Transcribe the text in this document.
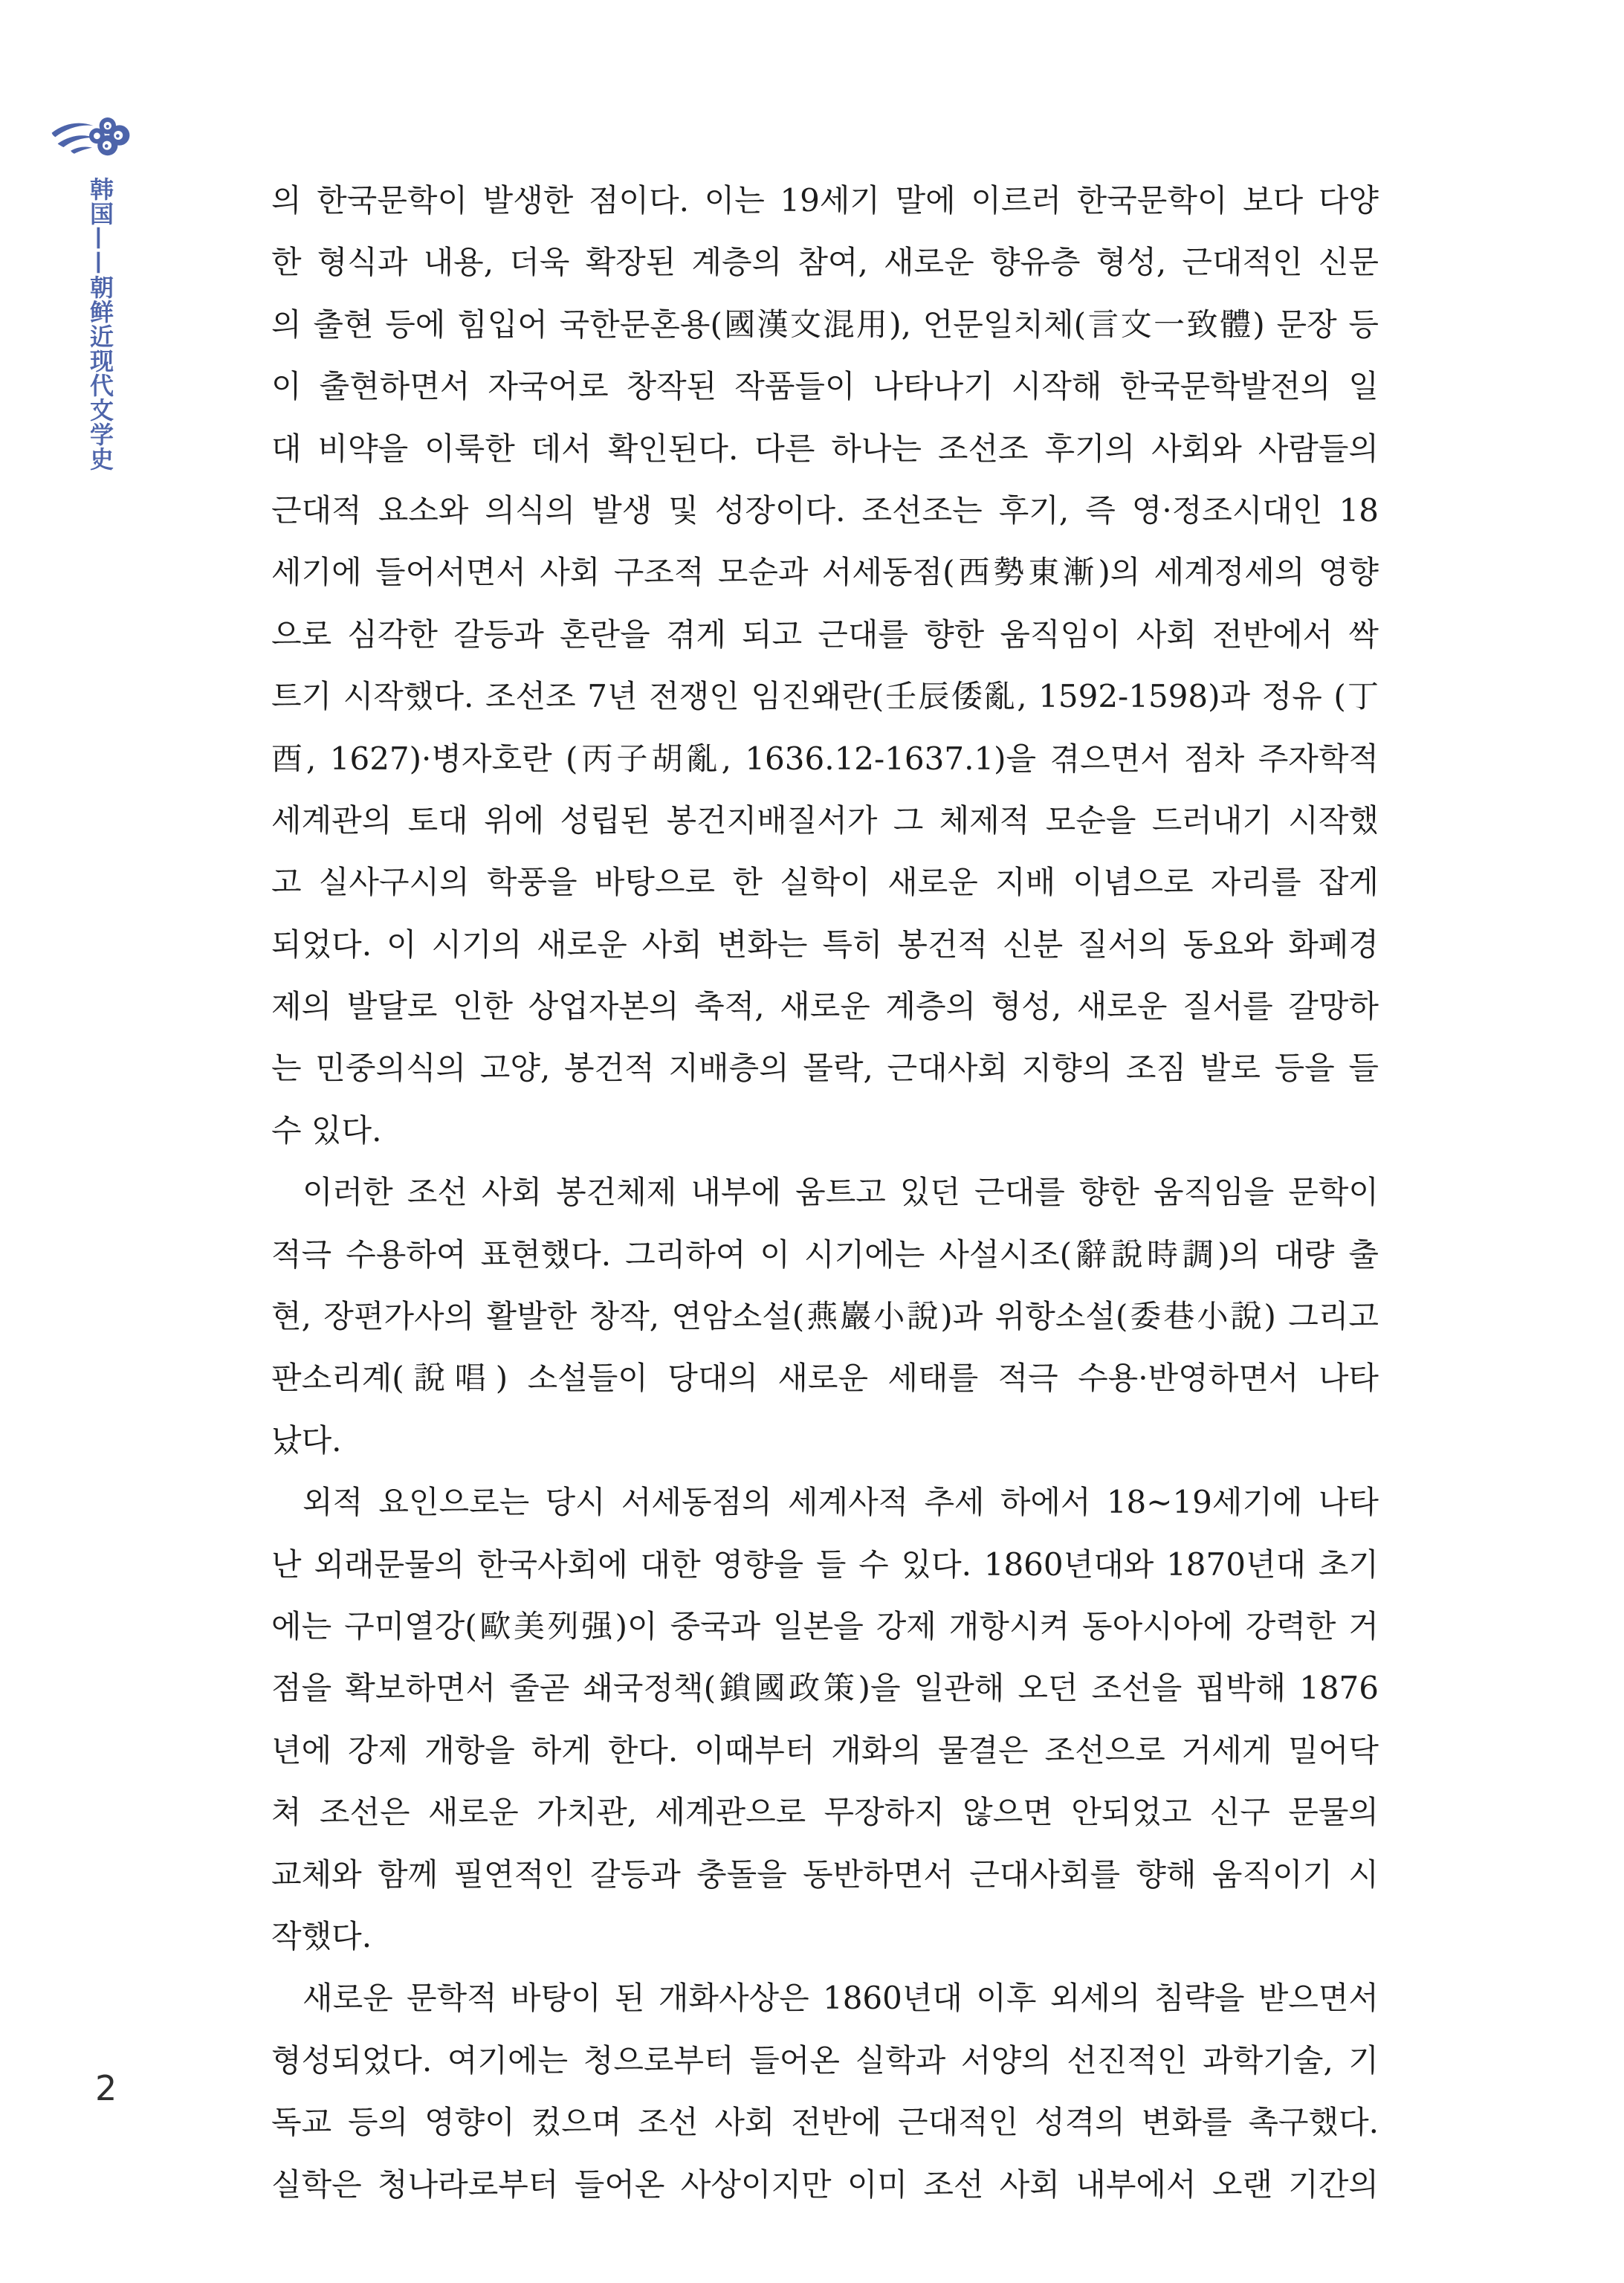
韩国——朝鲜近现代文学史
2
의 한국문학이 발생한 점이다. 이는 19세기 말에 이르러 한국문학이 보다 다양
한 형식과 내용, 더욱 확장된 계층의 참여, 새로운 향유층 형성, 근대적인 신문
의 출현 등에 힘입어 국한문혼용(國漢文混用), 언문일치체(言文一致體) 문장 등
이 출현하면서 자국어로 창작된 작품들이 나타나기 시작해 한국문학발전의 일
대 비약을 이룩한 데서 확인된다. 다른 하나는 조선조 후기의 사회와 사람들의
근대적 요소와 의식의 발생 및 성장이다. 조선조는 후기, 즉 영·정조시대인 18
세기에 들어서면서 사회 구조적 모순과 서세동점(西勢東漸)의 세계정세의 영향
으로 심각한 갈등과 혼란을 겪게 되고 근대를 향한 움직임이 사회 전반에서 싹
트기 시작했다. 조선조 7년 전쟁인 임진왜란(壬辰倭亂, 1592-1598)과 정유 (丁
酉, 1627)·병자호란 (丙子胡亂, 1636.12-1637.1)을 겪으면서 점차 주자학적
세계관의 토대 위에 성립된 봉건지배질서가 그 체제적 모순을 드러내기 시작했
고 실사구시의 학풍을 바탕으로 한 실학이 새로운 지배 이념으로 자리를 잡게
되었다. 이 시기의 새로운 사회 변화는 특히 봉건적 신분 질서의 동요와 화폐경
제의 발달로 인한 상업자본의 축적, 새로운 계층의 형성, 새로운 질서를 갈망하
는 민중의식의 고양, 봉건적 지배층의 몰락, 근대사회 지향의 조짐 발로 등을 들
수 있다.
이러한 조선 사회 봉건체제 내부에 움트고 있던 근대를 향한 움직임을 문학이
적극 수용하여 표현했다. 그리하여 이 시기에는 사설시조(辭說時調)의 대량 출
현, 장편가사의 활발한 창작, 연암소설(燕巖小說)과 위항소설(委巷小說) 그리고
판소리계(說唱) 소설들이 당대의 새로운 세태를 적극 수용·반영하면서 나타
났다.
외적 요인으로는 당시 서세동점의 세계사적 추세 하에서 18~19세기에 나타
난 외래문물의 한국사회에 대한 영향을 들 수 있다. 1860년대와 1870년대 초기
에는 구미열강(歐美列强)이 중국과 일본을 강제 개항시켜 동아시아에 강력한 거
점을 확보하면서 줄곧 쇄국정책(鎖國政策)을 일관해 오던 조선을 핍박해 1876
년에 강제 개항을 하게 한다. 이때부터 개화의 물결은 조선으로 거세게 밀어닥
쳐 조선은 새로운 가치관, 세계관으로 무장하지 않으면 안되었고 신구 문물의
교체와 함께 필연적인 갈등과 충돌을 동반하면서 근대사회를 향해 움직이기 시
작했다.
새로운 문학적 바탕이 된 개화사상은 1860년대 이후 외세의 침략을 받으면서
형성되었다. 여기에는 청으로부터 들어온 실학과 서양의 선진적인 과학기술, 기
독교 등의 영향이 컸으며 조선 사회 전반에 근대적인 성격의 변화를 촉구했다.
실학은 청나라로부터 들어온 사상이지만 이미 조선 사회 내부에서 오랜 기간의
